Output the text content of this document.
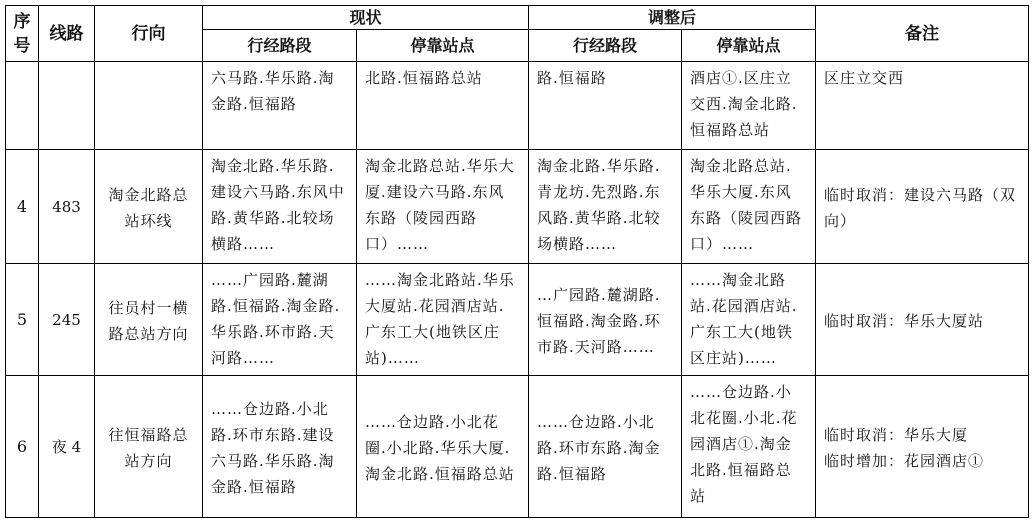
序号	线路	行向	现状		调整后		备注
			行经路段	停靠站点	行经路段	停靠站点	
			六马路.华乐路.淘金路.恒福路	北路.恒福路总站	路.恒福路	酒店①.区庄立交西.淘金北路.恒福路总站	区庄立交西
4	483	淘金北路总站环线	淘金北路.华乐路.建设六马路.东风中路.黄华路.北较场横路……	淘金北路总站.华乐大厦.建设六马路.东风东路（陵园西路口）……	淘金北路.华乐路.青龙坊.先烈路.东风路.黄华路.北较场横路……	淘金北路总站.华乐大厦.东风东路（陵园西路口）……	临时取消：建设六马路（双向）
5	245	往员村一横路总站方向	……广园路.麓湖路.恒福路.淘金路.华乐路.环市路.天河路……	……淘金北路站.华乐大厦站.花园酒店站.广东工大(地铁区庄站)……	…广园路.麓湖路.恒福路.淘金路.环市路.天河路……	……淘金北路站.花园酒店站.广东工大(地铁区庄站)……	临时取消：华乐大厦站
6	夜 4	往恒福路总站方向	……仓边路.小北路.环市东路.建设六马路.华乐路.淘金路.恒福路	……仓边路.小北花圈.小北路.华乐大厦.淘金北路.恒福路总站	……仓边路.小北路.环市东路.淘金路.恒福路	……仓边路.小北花圈.小北.花园酒店①.淘金北路.恒福路总站	临时取消：华乐大厦
临时增加：花园酒店①
